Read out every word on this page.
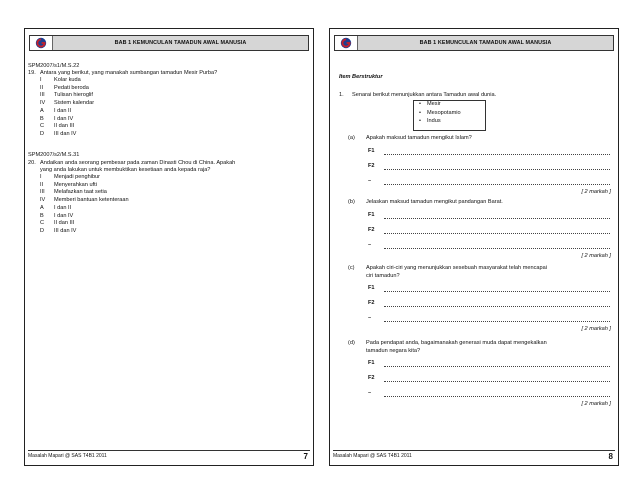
BAB 1 KEMUNCULAN TAMADUN AWAL MANUSIA
SPM2007/s1/M.S.22
19. Antara yang berikut, yang manakah sumbangan tamadun Mesir Purba?
I Kolar kuda
II Pedati beroda
III Tulisan hieroglif
IV Sistem kalendar
A I dan II
B I dan IV
C II dan III
D III dan IV
SPM2007/s2/M.S.31
20. Andaikan anda seorang pembesar pada zaman Dinasti Chou di China. Apakah
yang anda lakukan untuk membuktikan kesetiaan anda kepada raja?
I Menjadi penghibur
II Menyerahkan ufti
III Melafazkan taat setia
IV Memberi bantuan ketenteraan
A I dan II
B I dan IV
C II dan III
D III dan IV
Masalah Mapari @ SAS T4B1 2011	7
BAB 1 KEMUNCULAN TAMADUN AWAL MANUSIA
Item Berstruktur
1. Senarai berikut menunjukkan antara Tamadun awal dunia.
• Mesir
• Mesopotamio
• Indus
(a) Apakah maksud tamadun mengikut Islam?
F1
F2
–
[ 2 markah ]
(b) Jelaskan maksud tamadun mengikut pandangan Barat.
F1
F2
–
[ 2 markah ]
(c) Apakah ciri-ciri yang menunjukkan sesebuah masyarakat telah mencapai
ciri tamadun?
F1
F2
–
[ 2 markah ]
(d) Pada pendapat anda, bagaimanakah generasi muda dapat mengekalkan
tamadun negara kita?
F1
F2
–
[ 2 markah ]
Masalah Mapari @ SAS T4B1 2011	8
